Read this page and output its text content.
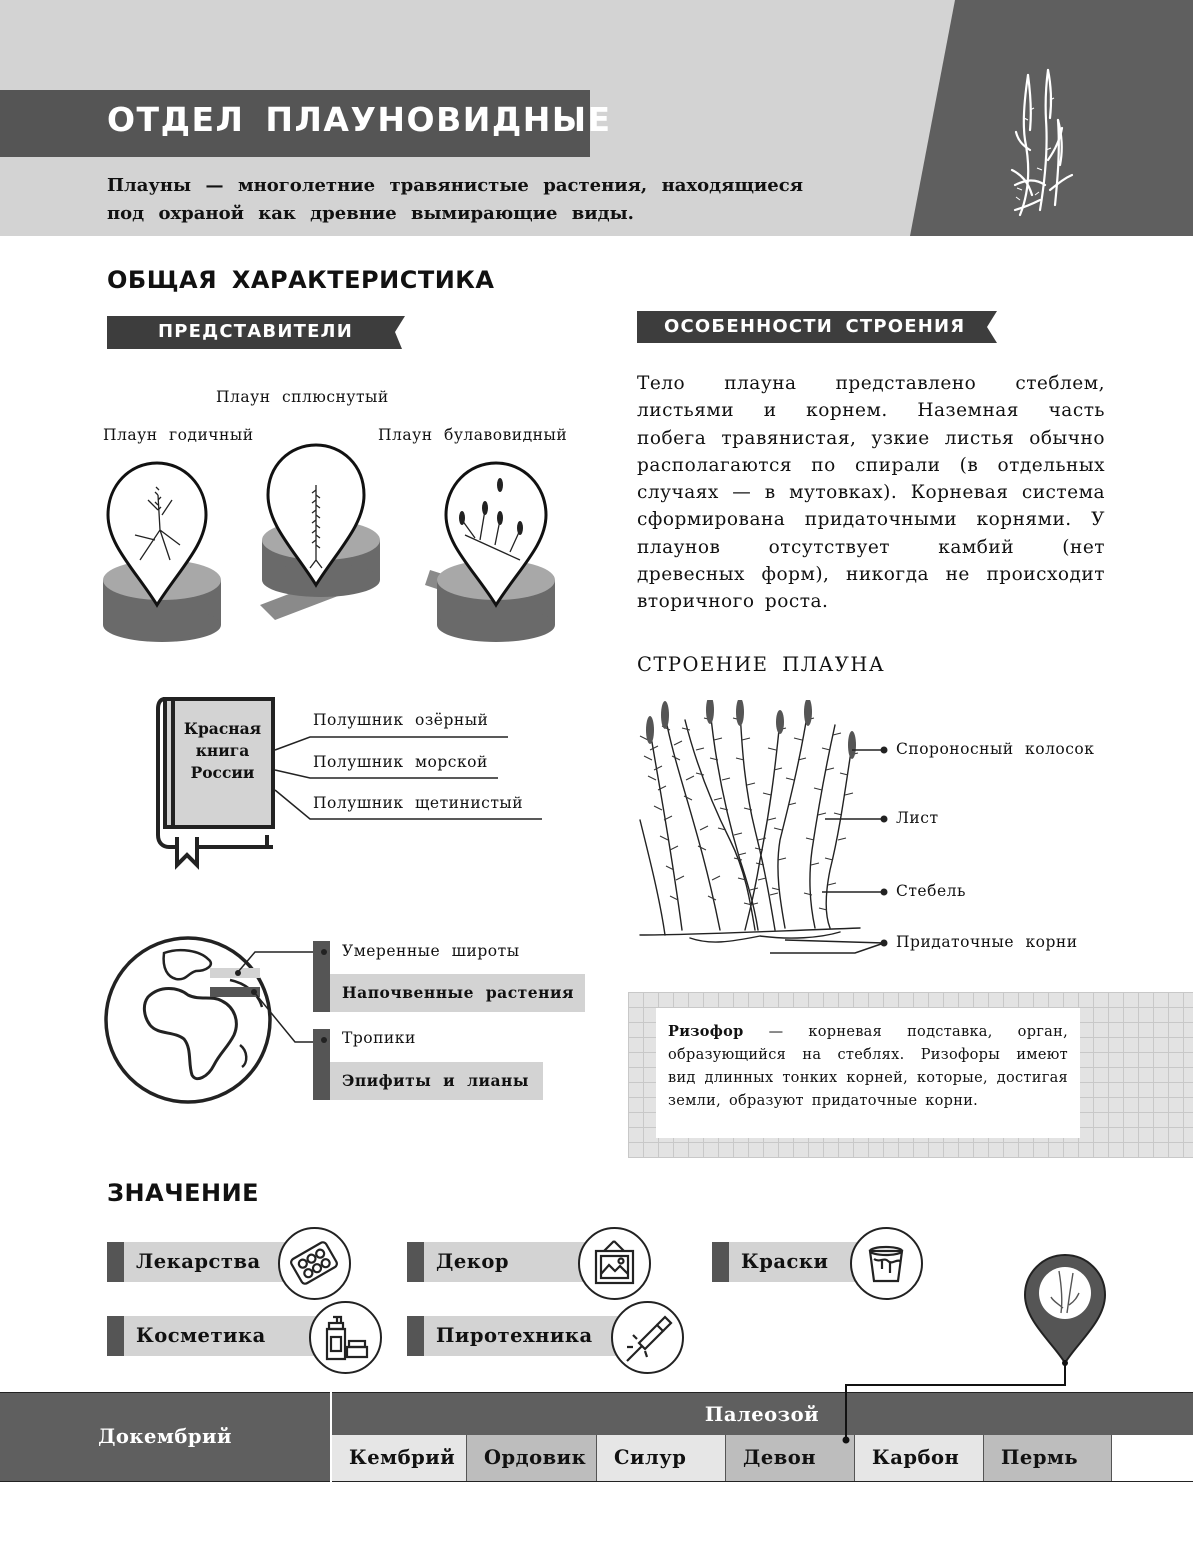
ОТДЕЛ ПЛАУНОВИДНЫЕ
Плауны — многолетние травянистые растения, находящиеся под охраной как древние вымирающие виды.
ОБЩАЯ ХАРАКТЕРИСТИКА
ПРЕДСТАВИТЕЛИ	ОСОБЕННОСТИ СТРОЕНИЯ
Плаун сплюснутый
Плаун годичный	Плаун булавовидный
Тело плауна представлено стеблем, листьями и корнем. Наземная часть побега травянистая, узкие листья обычно располагаются по спирали (в отдельных случаях — в мутовках). Корневая система сформирована придаточными корнями. У плаунов отсутствует камбий (нет древесных форм), никогда не происходит вторичного роста.
Красная
книга
России
Полушник озёрный
Полушник морской
Полушник щетинистый
Умеренные широты
Напочвенные растения
Тропики
Эпифиты и лианы
СТРОЕНИЕ ПЛАУНА
Спороносный колосок
Лист
Стебель
Придаточные корни
Ризофор — корневая подставка, орган, образующийся на стеблях. Ризофоры имеют вид длинных тонких корней, которые, достигая земли, образуют придаточные корни.
ЗНАЧЕНИЕ
Лекарства	Декор	Краски
Косметика	Пиротехника
Докембрий
Палеозой
Кембрий	Ордовик	Силур	Девон	Карбон	Пермь
